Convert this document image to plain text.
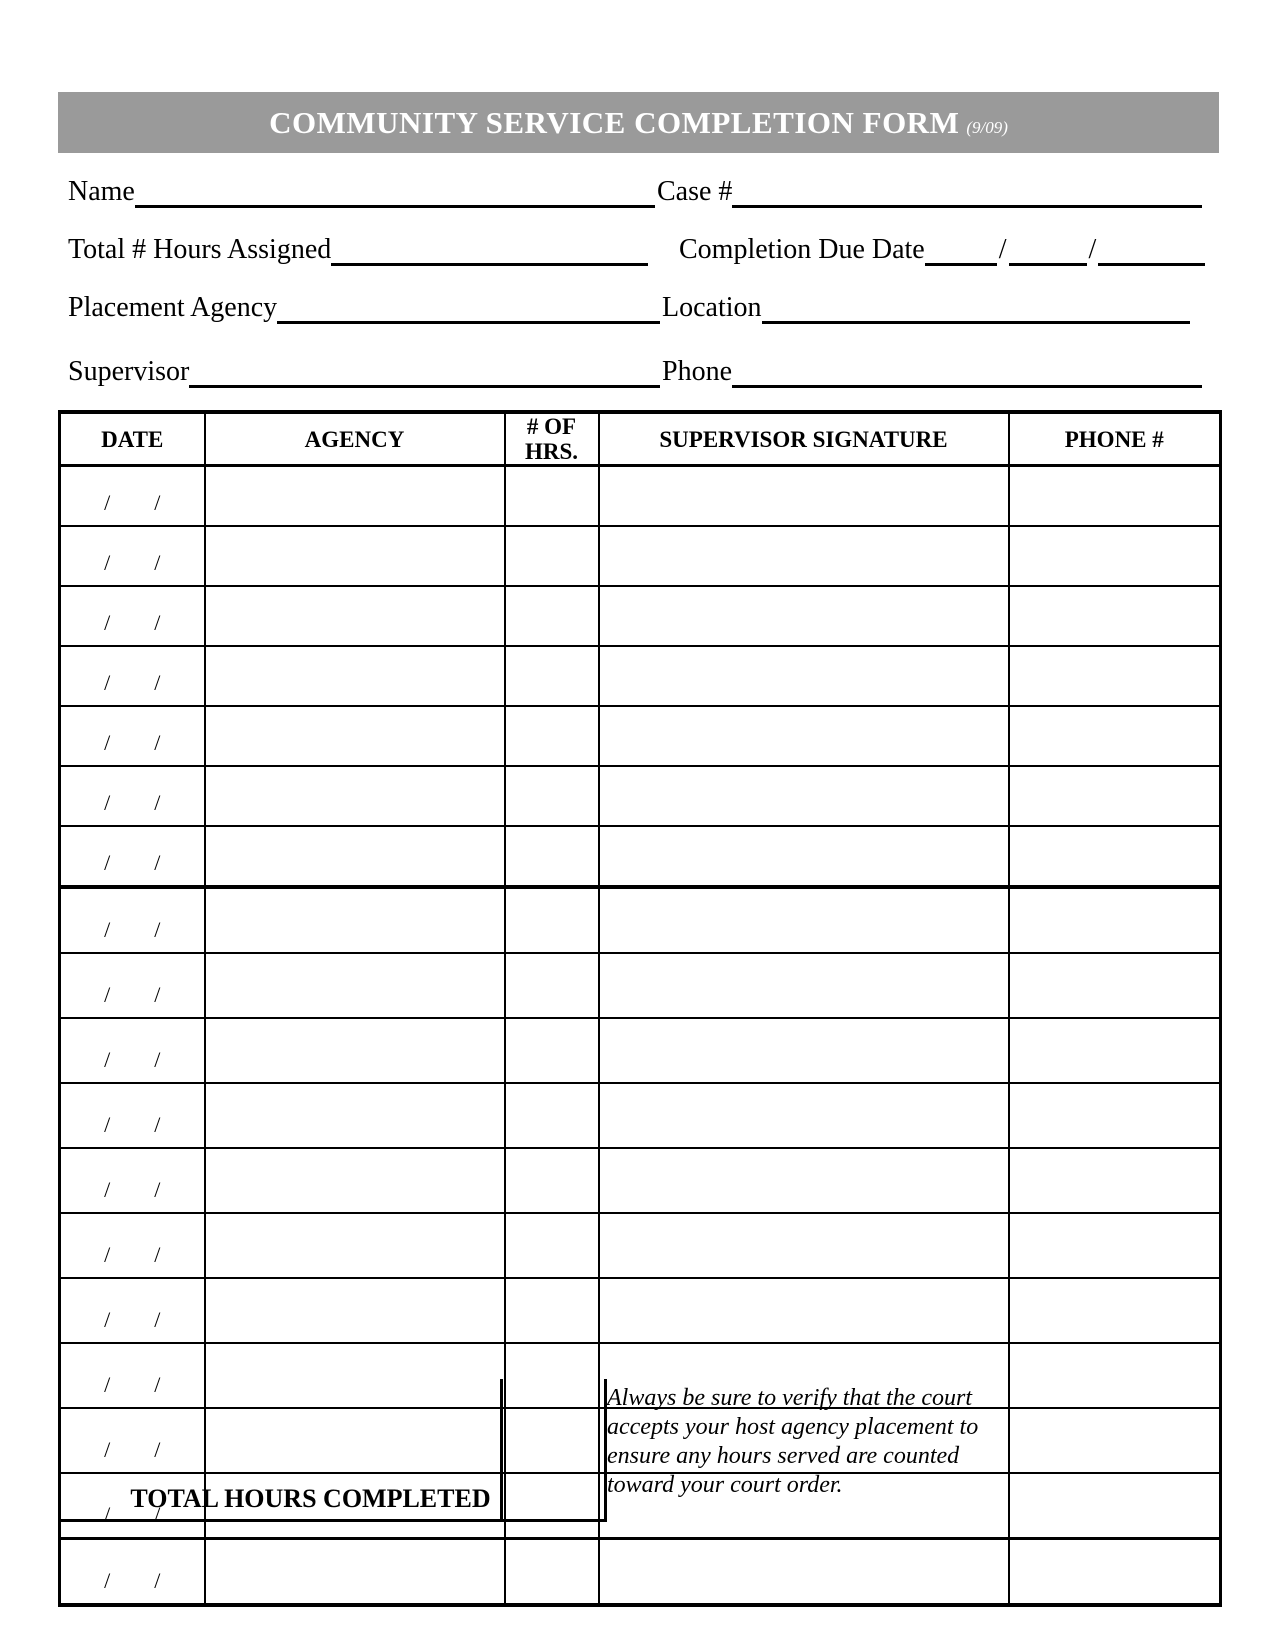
COMMUNITY SERVICE COMPLETION FORM (9/09)
Name	Case #
Total # Hours Assigned	Completion Due Date	/	/
Placement Agency	Location
Supervisor	Phone
DATE	AGENCY	# OF HRS.	SUPERVISOR SIGNATURE	PHONE #
/        /				
/        /				
/        /				
/        /				
/        /				
/        /				
/        /				
/        /				
/        /				
/        /				
/        /				
/        /				
/        /				
/        /				
/        /				
/        /				
/        /				
/        /				
TOTAL HOURS COMPLETED
Always be sure to verify that the court
accepts your host agency placement to
ensure any hours served are counted
toward your court order.
